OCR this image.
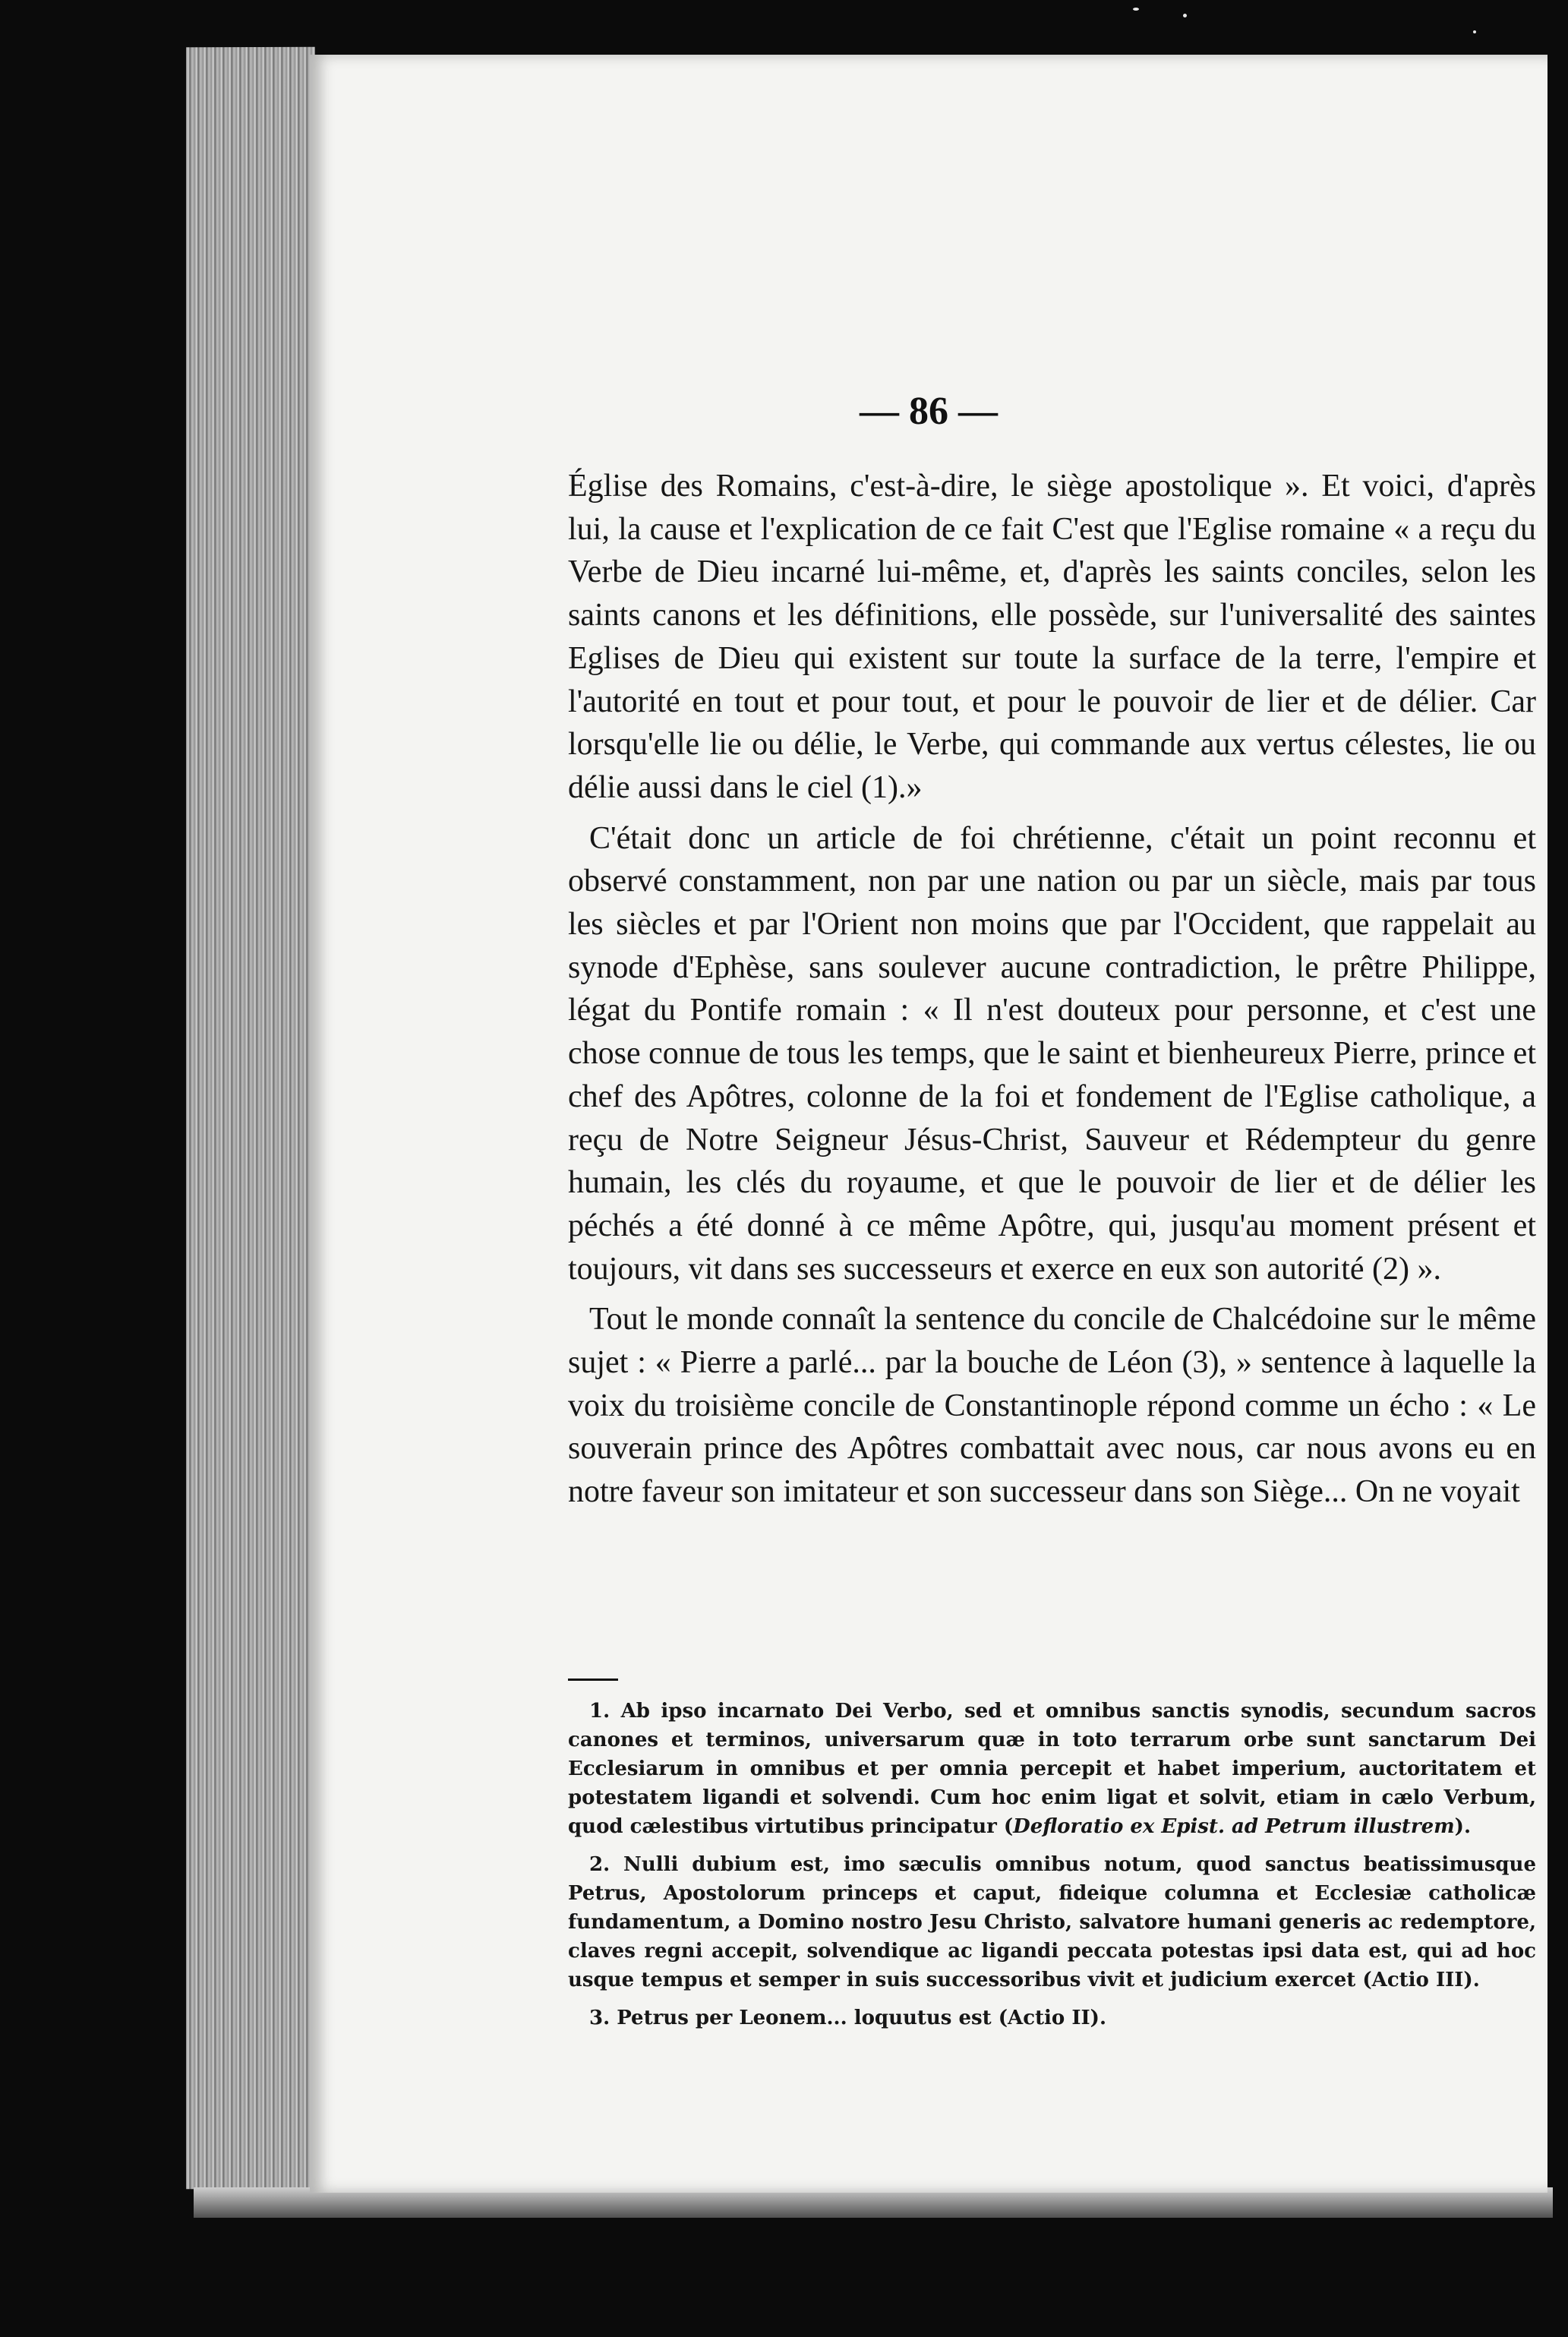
— 86 —

Église des Romains, c'est-à-dire, le siège apostolique ». Et voici, d'après lui, la cause et l'explication de ce fait C'est que l'Eglise romaine « a reçu du Verbe de Dieu incarné lui-même, et, d'après les saints conciles, selon les saints canons et les définitions, elle possède, sur l'universalité des saintes Eglises de Dieu qui existent sur toute la surface de la terre, l'empire et l'autorité en tout et pour tout, et pour le pouvoir de lier et de délier. Car lorsqu'elle lie ou délie, le Verbe, qui commande aux vertus célestes, lie ou délie aussi dans le ciel (1).»

C'était donc un article de foi chrétienne, c'était un point reconnu et observé constamment, non par une nation ou par un siècle, mais par tous les siècles et par l'Orient non moins que par l'Occident, que rappelait au synode d'Ephèse, sans soulever aucune contradiction, le prêtre Philippe, légat du Pontife romain : « Il n'est douteux pour personne, et c'est une chose connue de tous les temps, que le saint et bienheureux Pierre, prince et chef des Apôtres, colonne de la foi et fondement de l'Eglise catholique, a reçu de Notre Seigneur Jésus-Christ, Sauveur et Rédempteur du genre humain, les clés du royaume, et que le pouvoir de lier et de délier les péchés a été donné à ce même Apôtre, qui, jusqu'au moment présent et toujours, vit dans ses successeurs et exerce en eux son autorité (2) ».

Tout le monde connaît la sentence du concile de Chalcédoine sur le même sujet : « Pierre a parlé... par la bouche de Léon (3), » sentence à laquelle la voix du troisième concile de Constantinople répond comme un écho : « Le souverain prince des Apôtres combattait avec nous, car nous avons eu en notre faveur son imitateur et son successeur dans son Siège... On ne voyait

1. Ab ipso incarnato Dei Verbo, sed et omnibus sanctis synodis, secundum sacros canones et terminos, universarum quæ in toto terrarum orbe sunt sanctarum Dei Ecclesiarum in omnibus et per omnia percepit et habet imperium, auctoritatem et potestatem ligandi et solvendi. Cum hoc enim ligat et solvit, etiam in cælo Verbum, quod cælestibus virtutibus principatur (Defloratio ex Epist. ad Petrum illustrem).

2. Nulli dubium est, imo sæculis omnibus notum, quod sanctus beatissimusque Petrus, Apostolorum princeps et caput, fideique columna et Ecclesiæ catholicæ fundamentum, a Domino nostro Jesu Christo, salvatore humani generis ac redemptore, claves regni accepit, solvendique ac ligandi peccata potestas ipsi data est, qui ad hoc usque tempus et semper in suis successoribus vivit et judicium exercet (Actio III).

3. Petrus per Leonem... loquutus est (Actio II).
